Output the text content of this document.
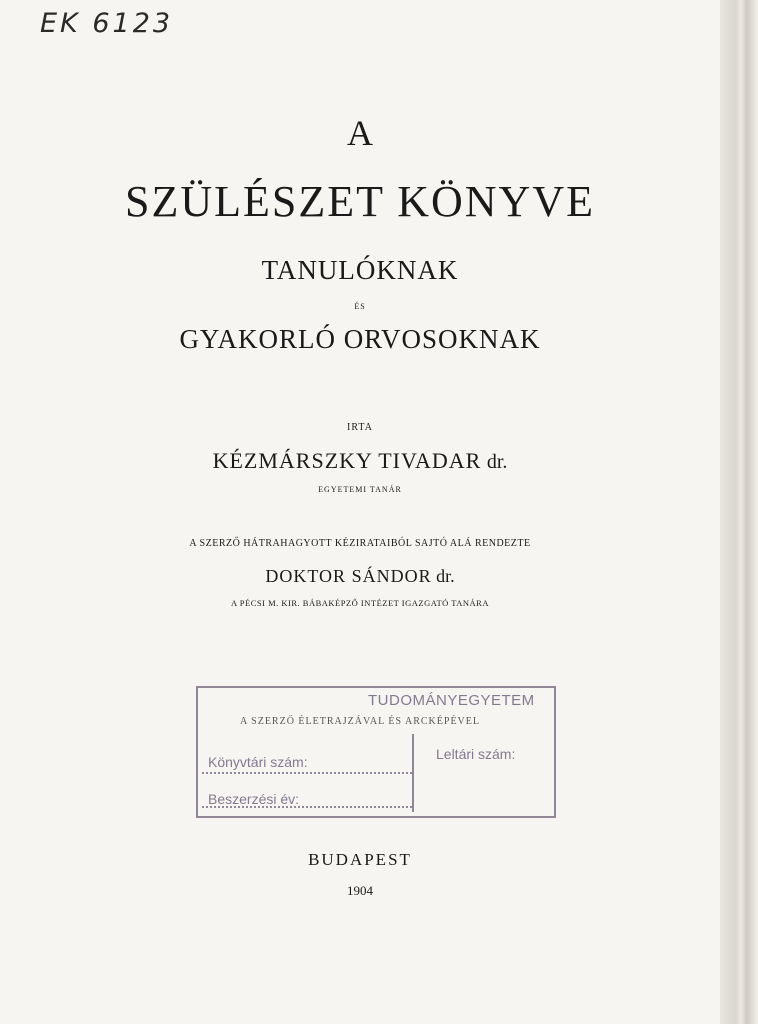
EK 6123
A
SZÜLÉSZET KÖNYVE
TANULÓKNAK
ÉS
GYAKORLÓ ORVOSOKNAK
IRTA
KÉZMÁRSZKY TIVADAR dr.
EGYETEMI TANÁR
A SZERZŐ HÁTRAHAGYOTT KÉZIRATAIBÓL SAJTÓ ALÁ RENDEZTE
DOKTOR SÁNDOR dr.
A PÉCSI M. KIR. BÁBAKÉPZŐ INTÉZET IGAZGATÓ TANÁRA
A SZERZŐ ÉLETRAJZÁVAL ÉS ARCKÉPÉVEL
TUDOMÁNYEGYETEM
Könyvtári szám:	Leltári szám:
Beszerzési év:
BUDAPEST
1904
